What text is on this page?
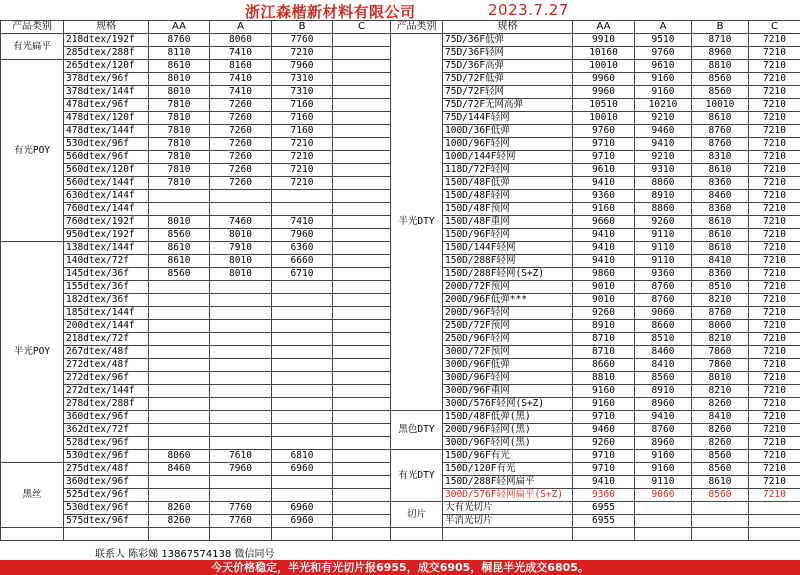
浙江森楷新材料有限公司	2023.7.27
产品类别	规格	AA	A	B	C
有光扁平	218dtex/192f	8760	8060	7760	
	285dtex/288f	8110	7410	7210	
有光POY	265dtex/120f	8610	8160	7960	
	378dtex/96f	8010	7410	7310	
	378dtex/144f	8010	7410	7310	
	478dtex/96f	7810	7260	7160	
	478dtex/120f	7810	7260	7160	
	478dtex/144f	7810	7260	7160	
	530dtex/96f	7810	7260	7210	
	560dtex/96f	7810	7260	7210	
	560dtex/120f	7810	7260	7210	
	560dtex/144f	7810	7260	7210	
	630dtex/144f				
	760dtex/144f				
	760dtex/192f	8010	7460	7410	
	950dtex/192f	8560	8010	7960	
半光POY	138dtex/144f	8610	7910	6360	
	140dtex/72f	8610	8010	6660	
	145dtex/36f	8560	8010	6710	
	155dtex/36f				
	182dtex/36f				
	185dtex/144f				
	200dtex/144f				
	218dtex/72f				
	267dtex/48f				
	272dtex/48f				
	272dtex/96f				
	272dtex/144f				
	278dtex/288f				
	360dtex/96f				
	362dtex/72f				
	528dtex/96f				
	530dtex/96f	8060	7610	6810	
黑丝	275dtex/48f	8460	7960	6960	
	360dtex/96f				
	525dtex/96f				
	530dtex/96f	8260	7760	6960	
	575dtex/96f	8260	7760	6960	

产品类别	规格	AA	A	B	C
半光DTY	75D/36F低弹	9910	9510	8710	7210
	75D/36F轻网	10160	9760	8960	7210
	75D/36F高弹	10010	9610	8810	7210
	75D/72F低弹	9960	9160	8560	7210
	75D/72F轻网	9960	9160	8560	7210
	75D/72F无网高弹	10510	10210	10010	7210
	75D/144F轻网	10010	9210	8610	7210
	100D/36F低弹	9760	9460	8760	7210
	100D/96F轻网	9710	9410	8760	7210
	100D/144F轻网	9710	9210	8310	7210
	118D/72F轻网	9610	9310	8610	7210
	150D/48F低弹	9410	8860	8360	7210
	150D/48F轻网	9360	8910	8460	7210
	150D/48F预网	9160	8860	8360	7210
	150D/48F重网	9660	9260	8610	7210
	150D/96F轻网	9410	9110	8610	7210
	150D/144F轻网	9410	9110	8610	7210
	150D/288F轻网	9410	9110	8410	7210
	150D/288F轻网(S+Z)	9860	9360	8360	7210
	200D/72F预网	9010	8760	8510	7210
	200D/96F低弹***	9010	8760	8210	7210
	200D/96F轻网	9260	9060	8760	7210
	250D/72F预网	8910	8660	8060	7210
	250D/96F轻网	8710	8510	8210	7210
	300D/72F预网	8710	8460	7860	7210
	300D/96F低弹	8660	8410	7860	7210
	300D/96F轻网	8810	8560	8010	7210
	300D/96F重网	9160	8910	8210	7210
	300D/576F轻网(S+Z)	9160	8960	8260	7210
黑色DTY	150D/48F低弹(黑)	9710	9410	8410	7210
	200D/96F轻网(黑)	9460	8760	8260	7210
	300D/96F轻网(黑)	9260	8960	8260	7210
有光DTY	150D/96F有光	9710	9160	8560	7210
	150D/120F有光	9710	9160	8560	7210
	150D/288F轻网扁平	9410	9110	8610	7210
	300D/576F轻网扁平(S+Z)	9360	9060	8560	7210
切片	大有光切片	6955			
	半消光切片	6955			

联系人 陈彩娣 13867574138 微信同号
今天价格稳定，半光和有光切片报6955，成交6905，桐昆半光成交6805。
